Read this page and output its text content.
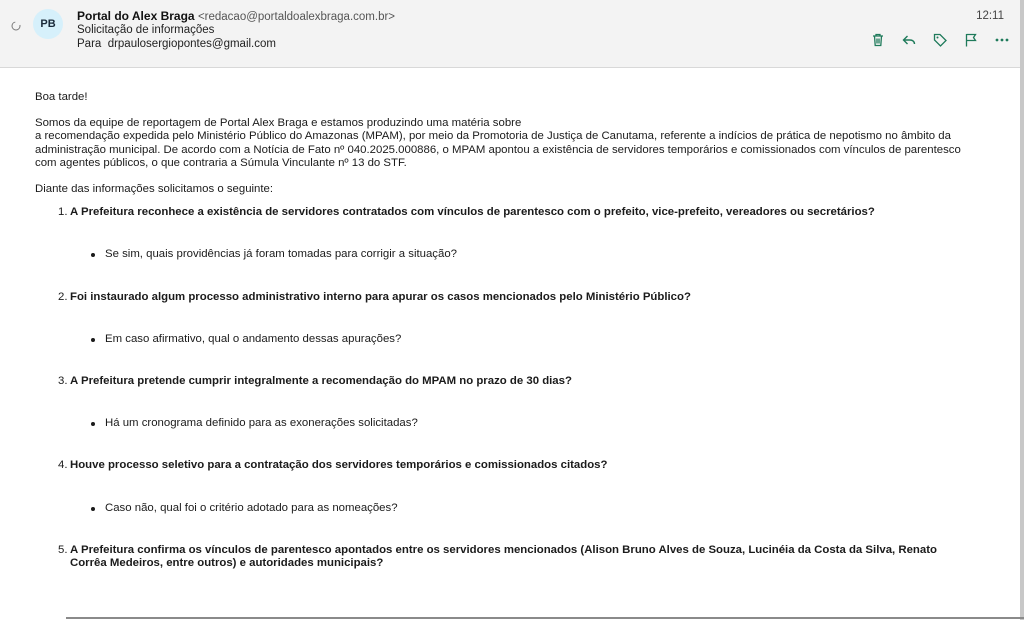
PB
Portal do Alex Braga <redacao@portaldoalexbraga.com.br>
Solicitação de informações
Para drpaulosergiopontes@gmail.com
12:11

Boa tarde!

Somos da equipe de reportagem de Portal Alex Braga e estamos produzindo uma matéria sobre

a recomendação expedida pelo Ministério Público do Amazonas (MPAM), por meio da Promotoria de Justiça de Canutama, referente a indícios de prática de nepotismo no âmbito da administração municipal. De acordo com a Notícia de Fato nº 040.2025.000886, o MPAM apontou a existência de servidores temporários e comissionados com vínculos de parentesco com agentes públicos, o que contraria a Súmula Vinculante nº 13 do STF.

Diante das informações solicitamos o seguinte:

1. A Prefeitura reconhece a existência de servidores contratados com vínculos de parentesco com o prefeito, vice-prefeito, vereadores ou secretários?
Se sim, quais providências já foram tomadas para corrigir a situação?
2. Foi instaurado algum processo administrativo interno para apurar os casos mencionados pelo Ministério Público?
Em caso afirmativo, qual o andamento dessas apurações?
3. A Prefeitura pretende cumprir integralmente a recomendação do MPAM no prazo de 30 dias?
Há um cronograma definido para as exonerações solicitadas?
4. Houve processo seletivo para a contratação dos servidores temporários e comissionados citados?
Caso não, qual foi o critério adotado para as nomeações?
5. A Prefeitura confirma os vínculos de parentesco apontados entre os servidores mencionados (Alison Bruno Alves de Souza, Lucinéia da Costa da Silva, Renato Corrêa Medeiros, entre outros) e autoridades municipais?
